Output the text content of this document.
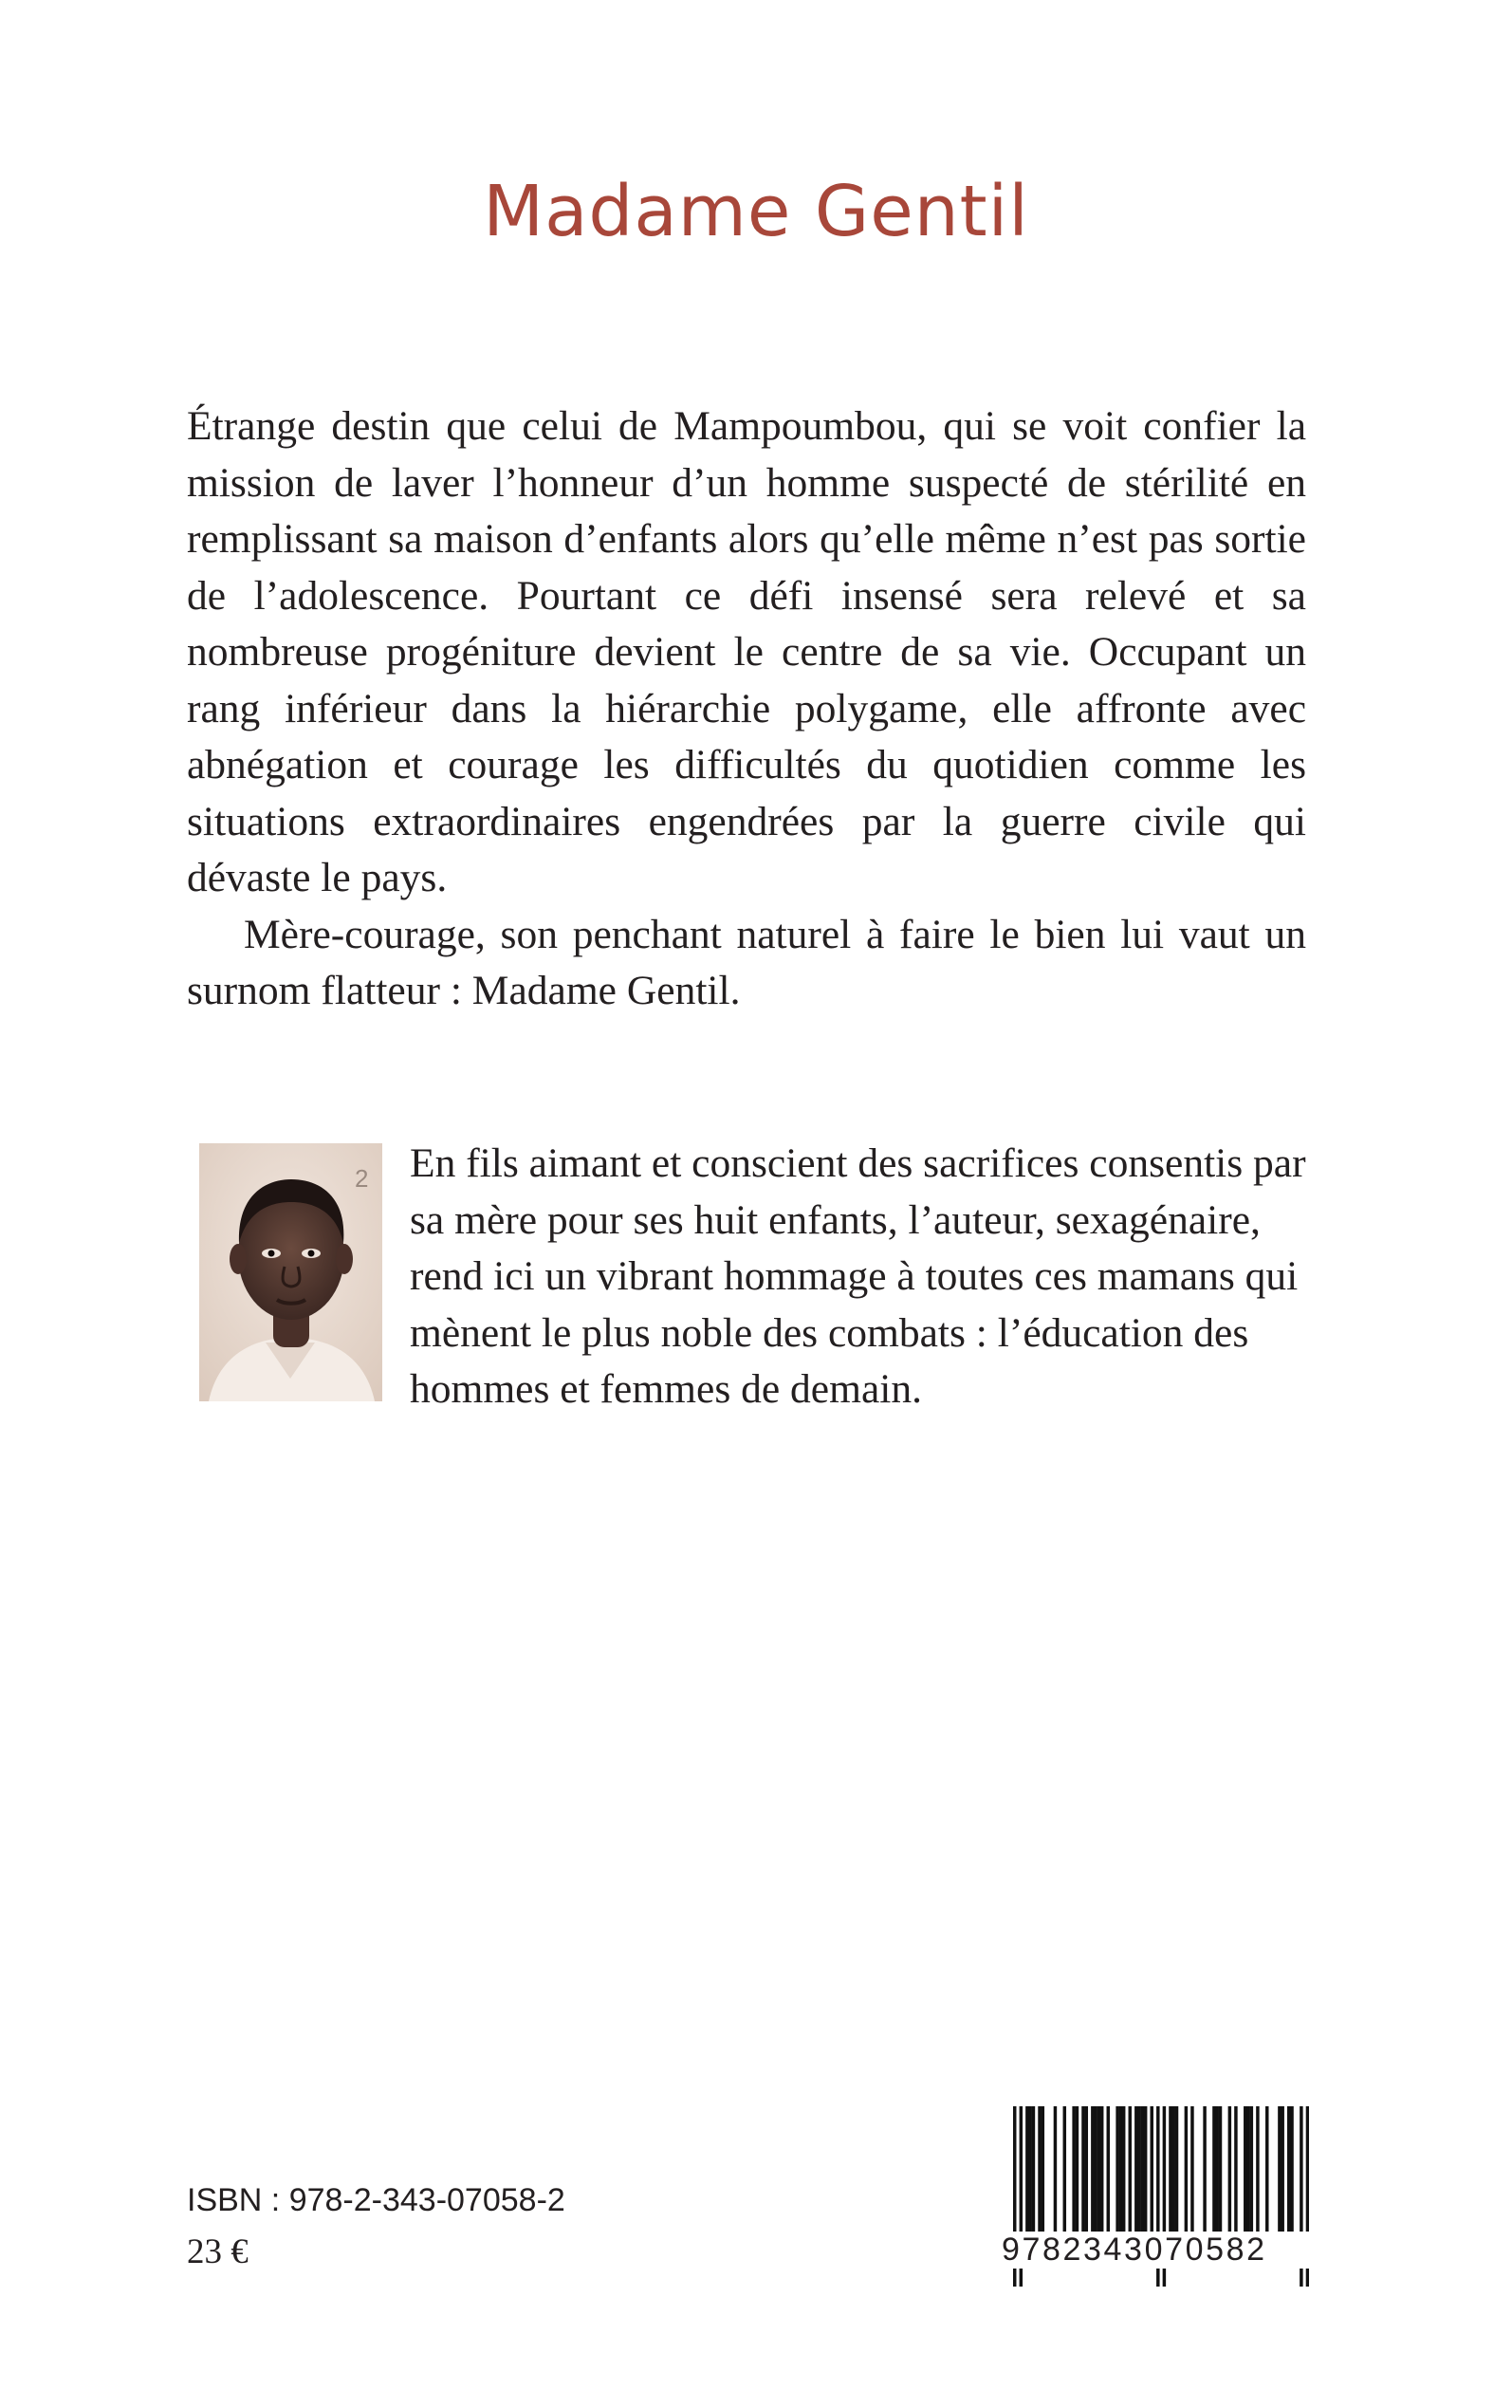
Madame Gentil

Étrange destin que celui de Mampoumbou, qui se voit confier la mission de laver l’honneur d’un homme suspecté de stérilité en remplissant sa maison d’enfants alors qu’elle même n’est pas sortie de l’adolescence. Pourtant ce défi insensé sera relevé et sa nombreuse progéniture devient le centre de sa vie. Occupant un rang inférieur dans la hiérarchie polygame, elle affronte avec abnégation et courage les difficultés du quotidien comme les situations extraordinaires engendrées par la guerre civile qui dévaste le pays.

Mère-courage, son penchant naturel à faire le bien lui vaut un surnom flatteur : Madame Gentil.

2 En fils aimant et conscient des sacrifices consentis par sa mère pour ses huit enfants, l’auteur, sexagénaire, rend ici un vibrant hommage à toutes ces mamans qui mènent le plus noble des combats : l’éducation des hommes et femmes de demain.

ISBN : 978-2-343-07058-2

23 €	9782343070582
